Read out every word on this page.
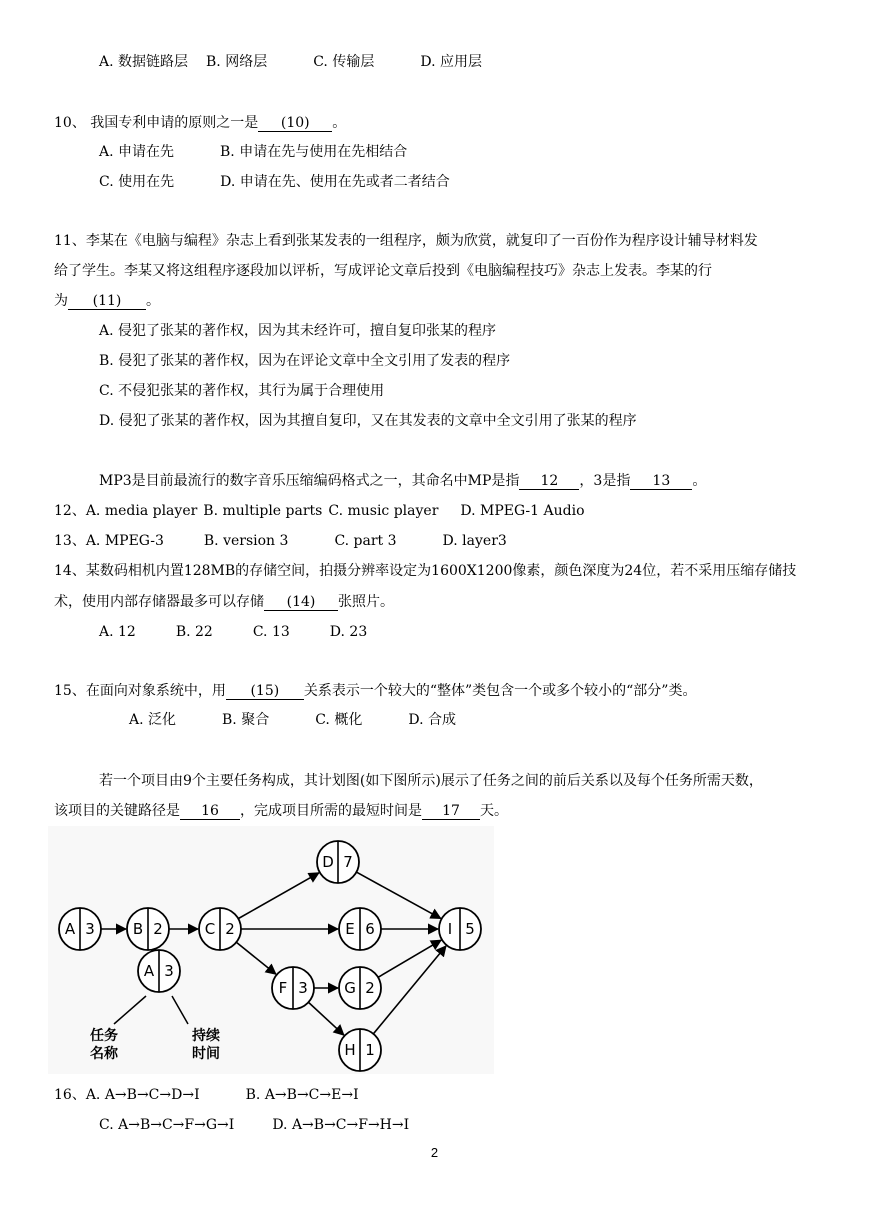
A. 数据链路层 B. 网络层	C. 传输层	D. 应用层
10、 我国专利申请的原则之一是 (10) 。
A. 申请在先	B. 申请在先与使用在先相结合
C. 使用在先	D. 申请在先、使用在先或者二者结合
11、李某在《电脑与编程》杂志上看到张某发表的一组程序，颇为欣赏，就复印了一百份作为程序设计辅导材料发
给了学生。李某又将这组程序逐段加以评析，写成评论文章后投到《电脑编程技巧》杂志上发表。李某的行
为 (11) 。
A. 侵犯了张某的著作权，因为其未经许可，擅自复印张某的程序
B. 侵犯了张某的著作权，因为在评论文章中全文引用了发表的程序
C. 不侵犯张某的著作权，其行为属于合理使用
D. 侵犯了张某的著作权，因为其擅自复印，又在其发表的文章中全文引用了张某的程序
MP3是目前最流行的数字音乐压缩编码格式之一，其命名中MP是指 12 ，3是指 13 。
12、A. media player B. multiple parts C. music player D. MPEG-1 Audio
13、A. MPEG-3	B. version 3	C. part 3	D. layer3
14、某数码相机内置128MB的存储空间，拍摄分辨率设定为1600X1200像素，颜色深度为24位，若不采用压缩存储技
术，使用内部存储器最多可以存储 (14) 张照片。
A. 12	B. 22	C. 13	D. 23
15、在面向对象系统中，用 (15) 关系表示一个较大的“整体”类包含一个或多个较小的“部分”类。
A. 泛化	B. 聚合	C. 概化	D. 合成
若一个项目由9个主要任务构成，其计划图(如下图所示)展示了任务之间的前后关系以及每个任务所需天数，
该项目的关键路径是 16 ，完成项目所需的最短时间是 17 天。
A 3	B 2	C 2
D 7
E 6
F 3 G 2
H 1
I 5
任务
名称
持续
时间
A 3
16、A. A→B→C→D→I	B. A→B→C→E→I
C. A→B→C→F→G→I	D. A→B→C→F→H→I
2
